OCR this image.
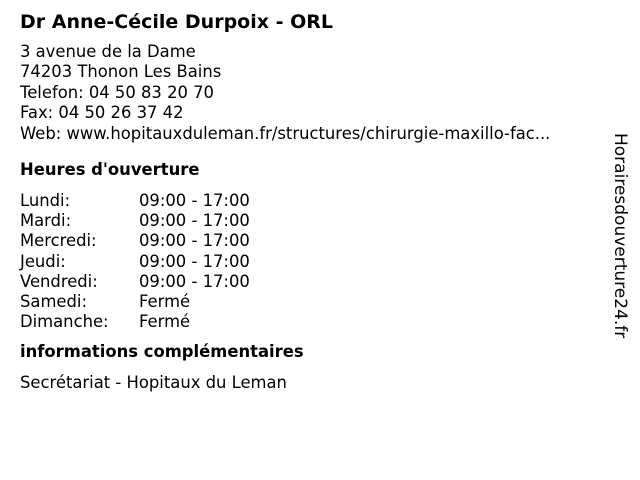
Dr Anne-Cécile Durpoix - ORL
3 avenue de la Dame
74203 Thonon Les Bains
Telefon: 04 50 83 20 70
Fax: 04 50 26 37 42
Web: www.hopitauxduleman.fr/structures/chirurgie-maxillo-fac...
Heures d'ouverture
Lundi:	09:00 - 17:00
Mardi:	09:00 - 17:00
Mercredi:	09:00 - 17:00
Jeudi:	09:00 - 17:00
Vendredi:	09:00 - 17:00
Samedi:	Fermé
Dimanche:	Fermé
informations complémentaires
Secrétariat - Hopitaux du Leman
Horairesdouverture24.fr
